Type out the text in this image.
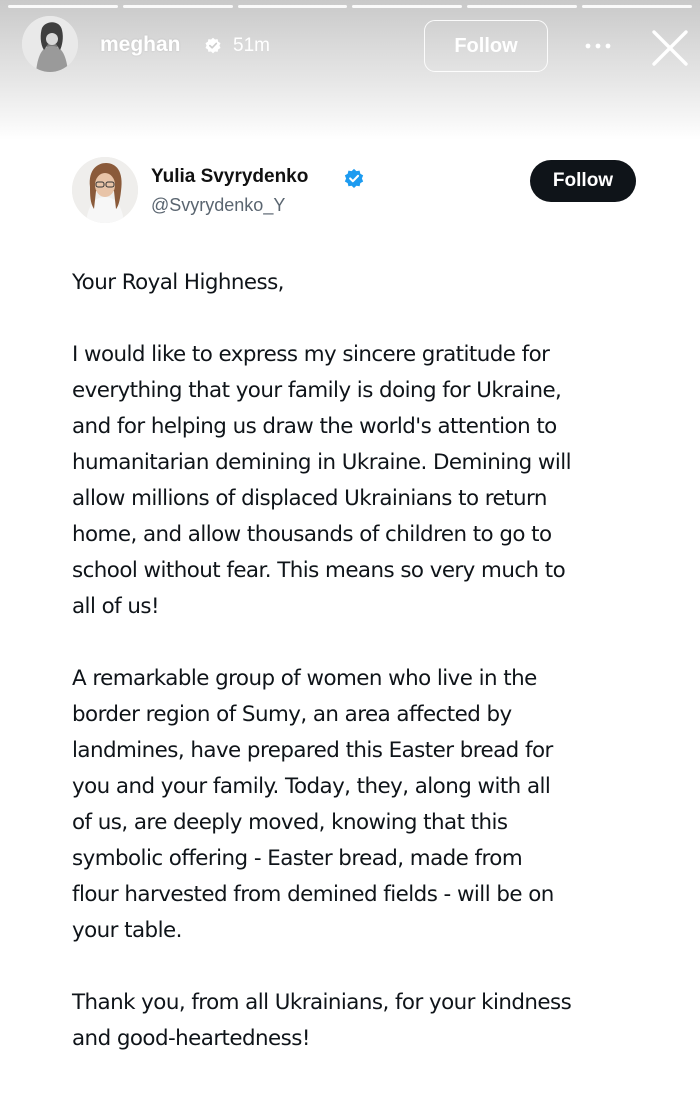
meghan	51m	Follow
Yulia Svyrydenko
@Svyrydenko_Y
Follow

Your Royal Highness,

I would like to express my sincere gratitude for
everything that your family is doing for Ukraine,
and for helping us draw the world's attention to
humanitarian demining in Ukraine. Demining will
allow millions of displaced Ukrainians to return
home, and allow thousands of children to go to
school without fear. This means so very much to
all of us!

A remarkable group of women who live in the
border region of Sumy, an area affected by
landmines, have prepared this Easter bread for
you and your family. Today, they, along with all
of us, are deeply moved, knowing that this
symbolic offering - Easter bread, made from
flour harvested from demined fields - will be on
your table.

Thank you, from all Ukrainians, for your kindness
and good-heartedness!
